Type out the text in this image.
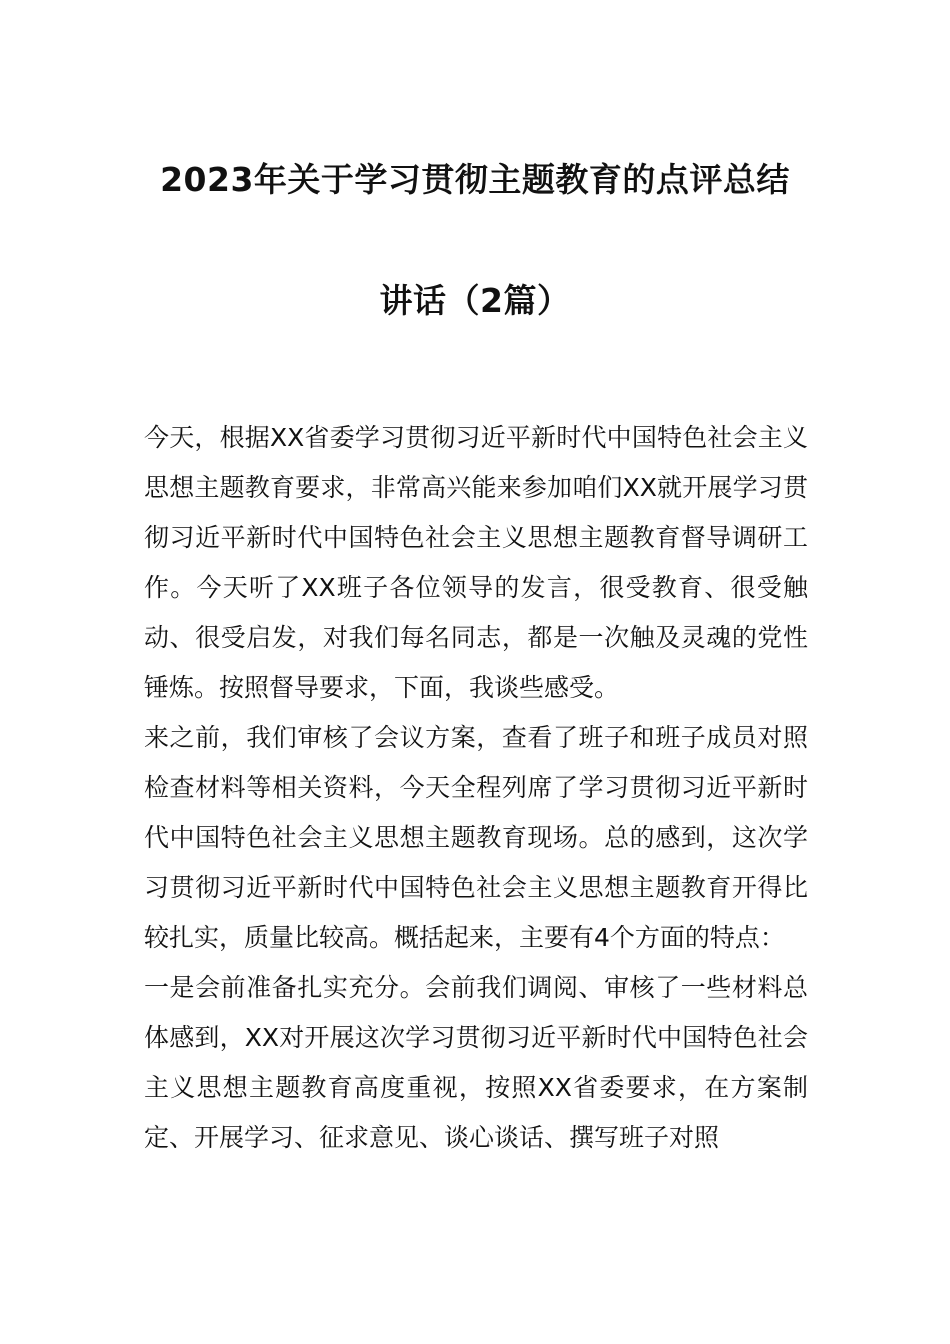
2023年关于学习贯彻主题教育的点评总结
讲话（2篇）

今天，根据XX省委学习贯彻习近平新时代中国特色社会主义思想主题教育要求，非常高兴能来参加咱们XX就开展学习贯彻习近平新时代中国特色社会主义思想主题教育督导调研工作。今天听了XX班子各位领导的发言，很受教育、很受触动、很受启发，对我们每名同志，都是一次触及灵魂的党性锤炼。按照督导要求，下面，我谈些感受。

来之前，我们审核了会议方案，查看了班子和班子成员对照检查材料等相关资料，今天全程列席了学习贯彻习近平新时代中国特色社会主义思想主题教育现场。总的感到，这次学习贯彻习近平新时代中国特色社会主义思想主题教育开得比较扎实，质量比较高。概括起来，主要有4个方面的特点：

一是会前准备扎实充分。会前我们调阅、审核了一些材料总体感到，XX对开展这次学习贯彻习近平新时代中国特色社会主义思想主题教育高度重视，按照XX省委要求，在方案制定、开展学习、征求意见、谈心谈话、撰写班子对照
